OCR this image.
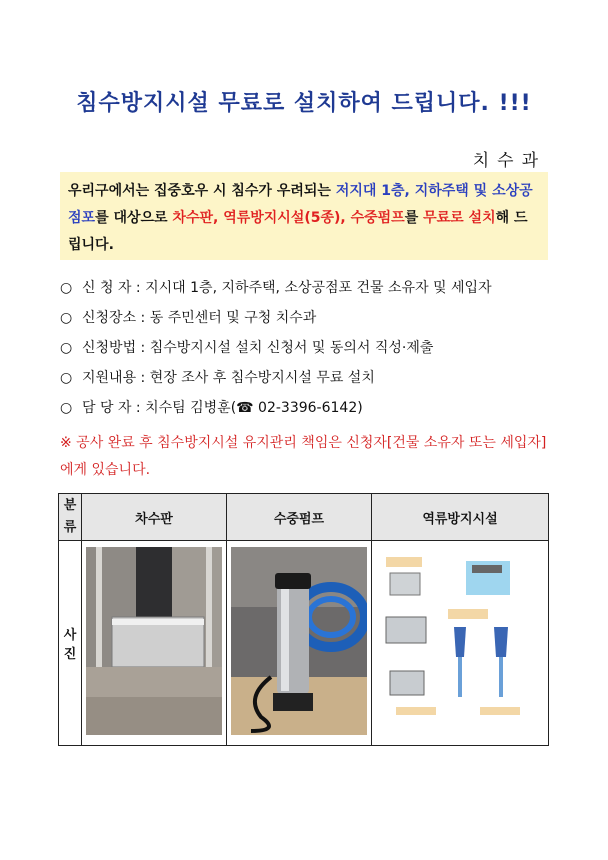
침수방지시설 무료로 설치하여 드립니다. !!!
치수과
우리구에서는 집중호우 시 침수가 우려되는 저지대 1층, 지하주택 및 소상공점포를 대상으로 차수판, 역류방지시설(5종), 수중펌프를 무료로 설치해 드립니다.
○ 신 청 자 : 지시대 1층, 지하주택, 소상공점포 건물 소유자 및 세입자
○ 신청장소 : 동 주민센터 및 구청 치수과
○ 신청방법 : 침수방지시설 설치 신청서 및 동의서 직성·제출
○ 지원내용 : 현장 조사 후 침수방지시설 무료 설치
○ 담 당 자 : 치수팀 김병훈(☎ 02-3396-6142)
※ 공사 완료 후 침수방지시설 유지관리 책임은 신청자[건물 소유자 또는 세입자]에게 있습니다.
분류	차수판	수중펌프	역류방지시설
사진			
